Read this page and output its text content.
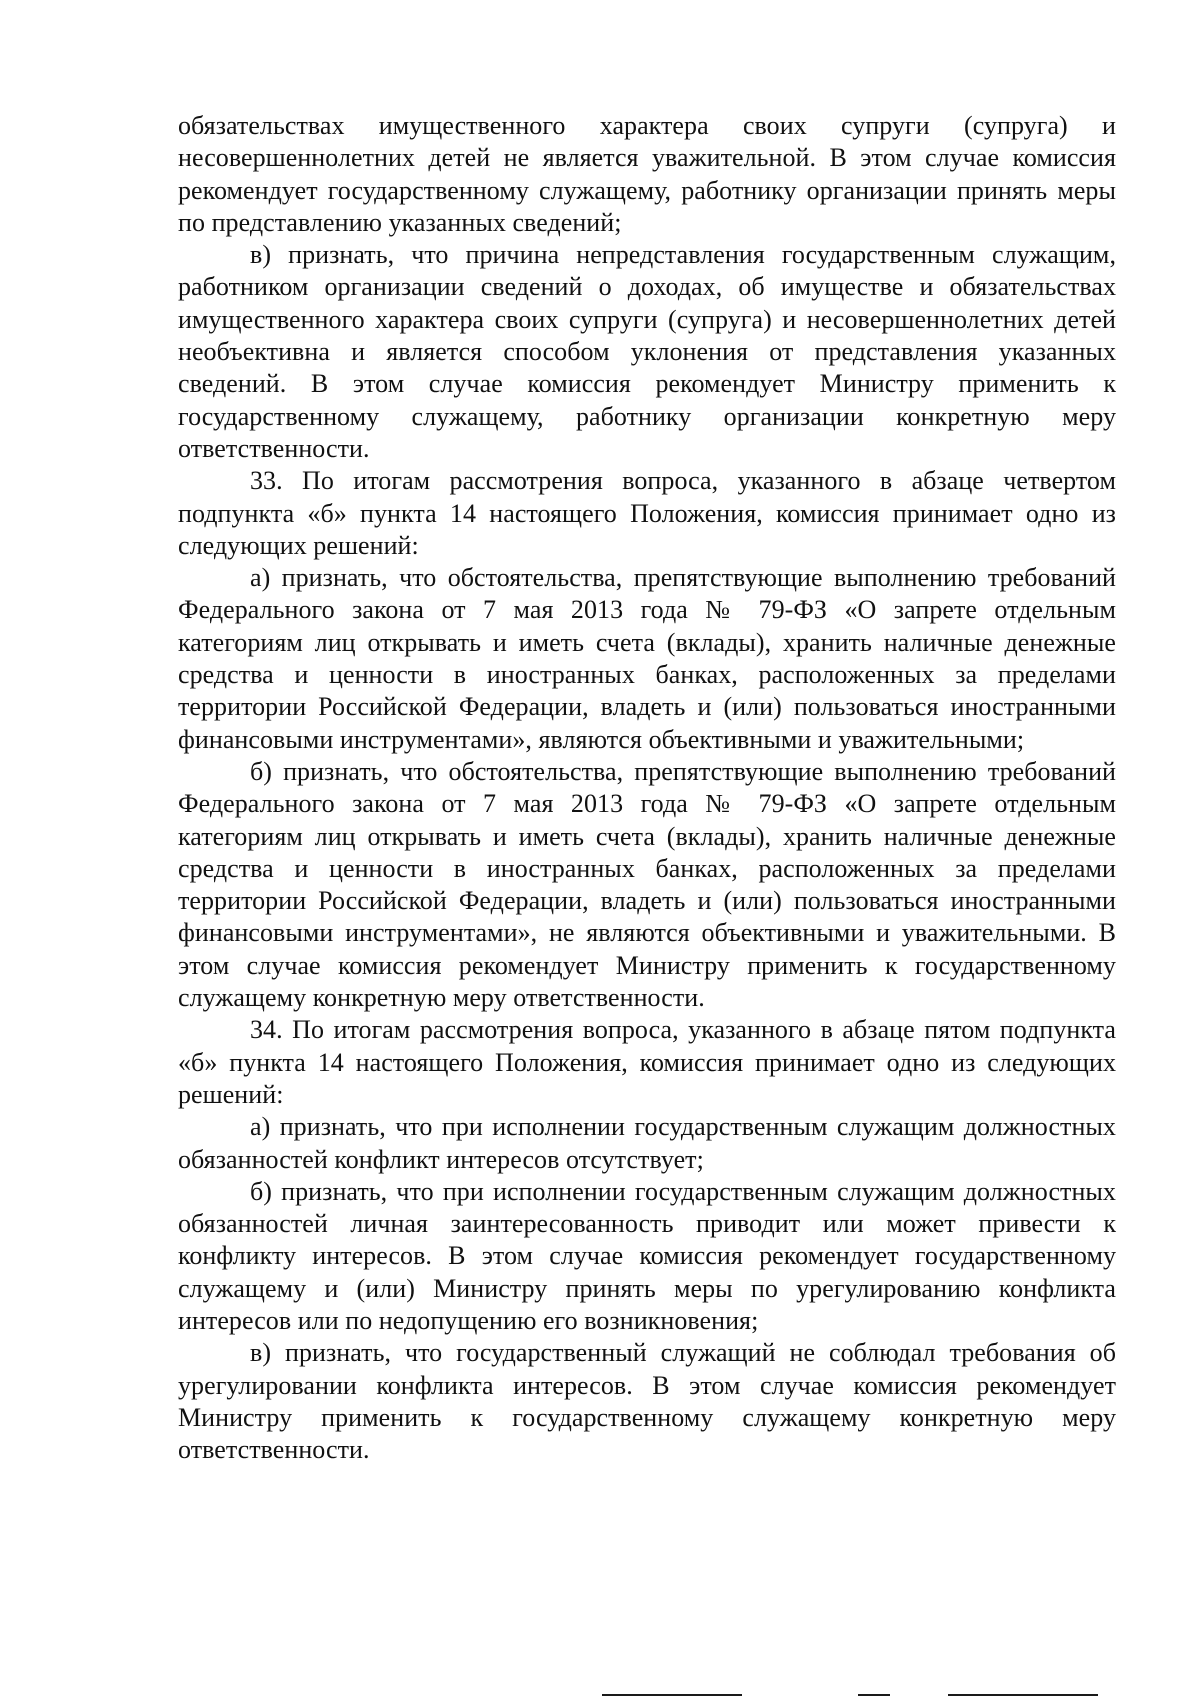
обязательствах имущественного характера своих супруги (супруга) и несовершеннолетних детей не является уважительной. В этом случае комиссия рекомендует государственному служащему, работнику организации принять меры по представлению указанных сведений;

в) признать, что причина непредставления государственным служащим, работником организации сведений о доходах, об имуществе и обязательствах имущественного характера своих супруги (супруга) и несовершеннолетних детей необъективна и является способом уклонения от представления указанных сведений. В этом случае комиссия рекомендует Министру применить к государственному служащему, работнику организации конкретную меру ответственности.

33. По итогам рассмотрения вопроса, указанного в абзаце четвертом подпункта «б» пункта 14 настоящего Положения, комиссия принимает одно из следующих решений:

а) признать, что обстоятельства, препятствующие выполнению требований Федерального закона от 7 мая 2013 года № 79-ФЗ «О запрете отдельным категориям лиц открывать и иметь счета (вклады), хранить наличные денежные средства и ценности в иностранных банках, расположенных за пределами территории Российской Федерации, владеть и (или) пользоваться иностранными финансовыми инструментами», являются объективными и уважительными;

б) признать, что обстоятельства, препятствующие выполнению требований Федерального закона от 7 мая 2013 года № 79-ФЗ «О запрете отдельным категориям лиц открывать и иметь счета (вклады), хранить наличные денежные средства и ценности в иностранных банках, расположенных за пределами территории Российской Федерации, владеть и (или) пользоваться иностранными финансовыми инструментами», не являются объективными и уважительными. В этом случае комиссия рекомендует Министру применить к государственному служащему конкретную меру ответственности.

34. По итогам рассмотрения вопроса, указанного в абзаце пятом подпункта «б» пункта 14 настоящего Положения, комиссия принимает одно из следующих решений:

а) признать, что при исполнении государственным служащим должностных обязанностей конфликт интересов отсутствует;

б) признать, что при исполнении государственным служащим должностных обязанностей личная заинтересованность приводит или может привести к конфликту интересов. В этом случае комиссия рекомендует государственному служащему и (или) Министру принять меры по урегулированию конфликта интересов или по недопущению его возникновения;

в) признать, что государственный служащий не соблюдал требования об урегулировании конфликта интересов. В этом случае комиссия рекомендует Министру применить к государственному служащему конкретную меру ответственности.
